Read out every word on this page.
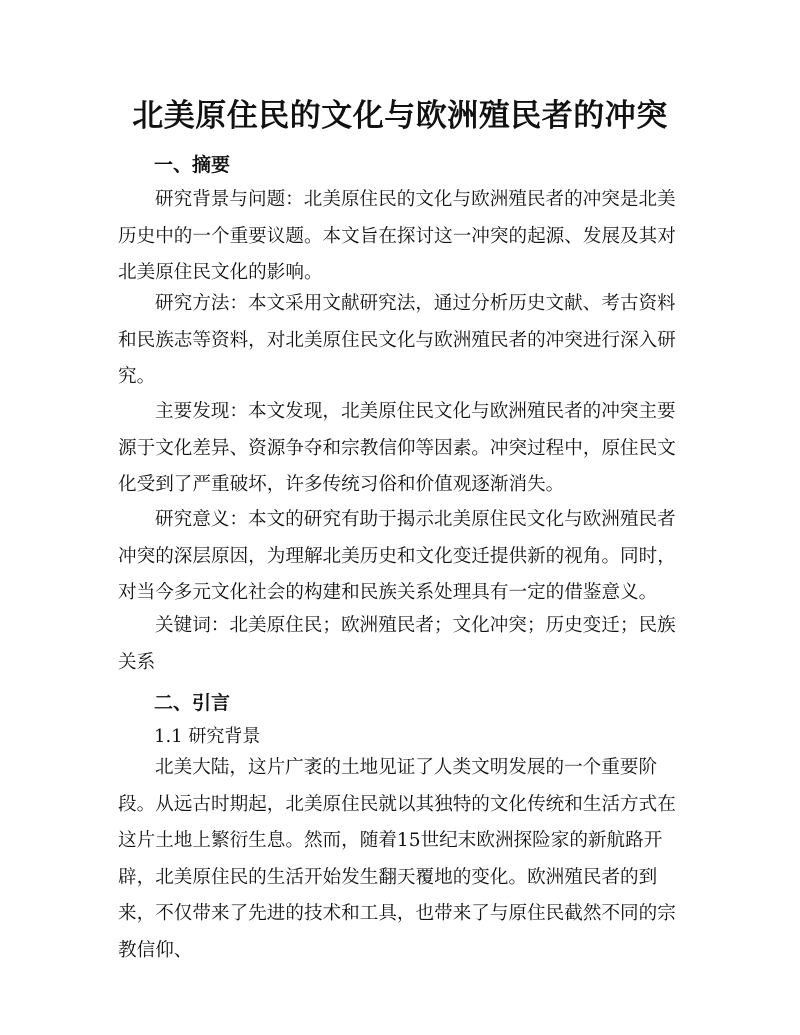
北美原住民的文化与欧洲殖民者的冲突
一、摘要

研究背景与问题：北美原住民的文化与欧洲殖民者的冲突是北美历史中的一个重要议题。本文旨在探讨这一冲突的起源、发展及其对北美原住民文化的影响。

研究方法：本文采用文献研究法，通过分析历史文献、考古资料和民族志等资料，对北美原住民文化与欧洲殖民者的冲突进行深入研究。

主要发现：本文发现，北美原住民文化与欧洲殖民者的冲突主要源于文化差异、资源争夺和宗教信仰等因素。冲突过程中，原住民文化受到了严重破坏，许多传统习俗和价值观逐渐消失。

研究意义：本文的研究有助于揭示北美原住民文化与欧洲殖民者冲突的深层原因，为理解北美历史和文化变迁提供新的视角。同时，对当今多元文化社会的构建和民族关系处理具有一定的借鉴意义。

关键词：北美原住民；欧洲殖民者；文化冲突；历史变迁；民族关系

二、引言
1.1 研究背景

北美大陆，这片广袤的土地见证了人类文明发展的一个重要阶段。从远古时期起，北美原住民就以其独特的文化传统和生活方式在这片土地上繁衍生息。然而，随着15世纪末欧洲探险家的新航路开辟，北美原住民的生活开始发生翻天覆地的变化。欧洲殖民者的到来，不仅带来了先进的技术和工具，也带来了与原住民截然不同的宗教信仰、
